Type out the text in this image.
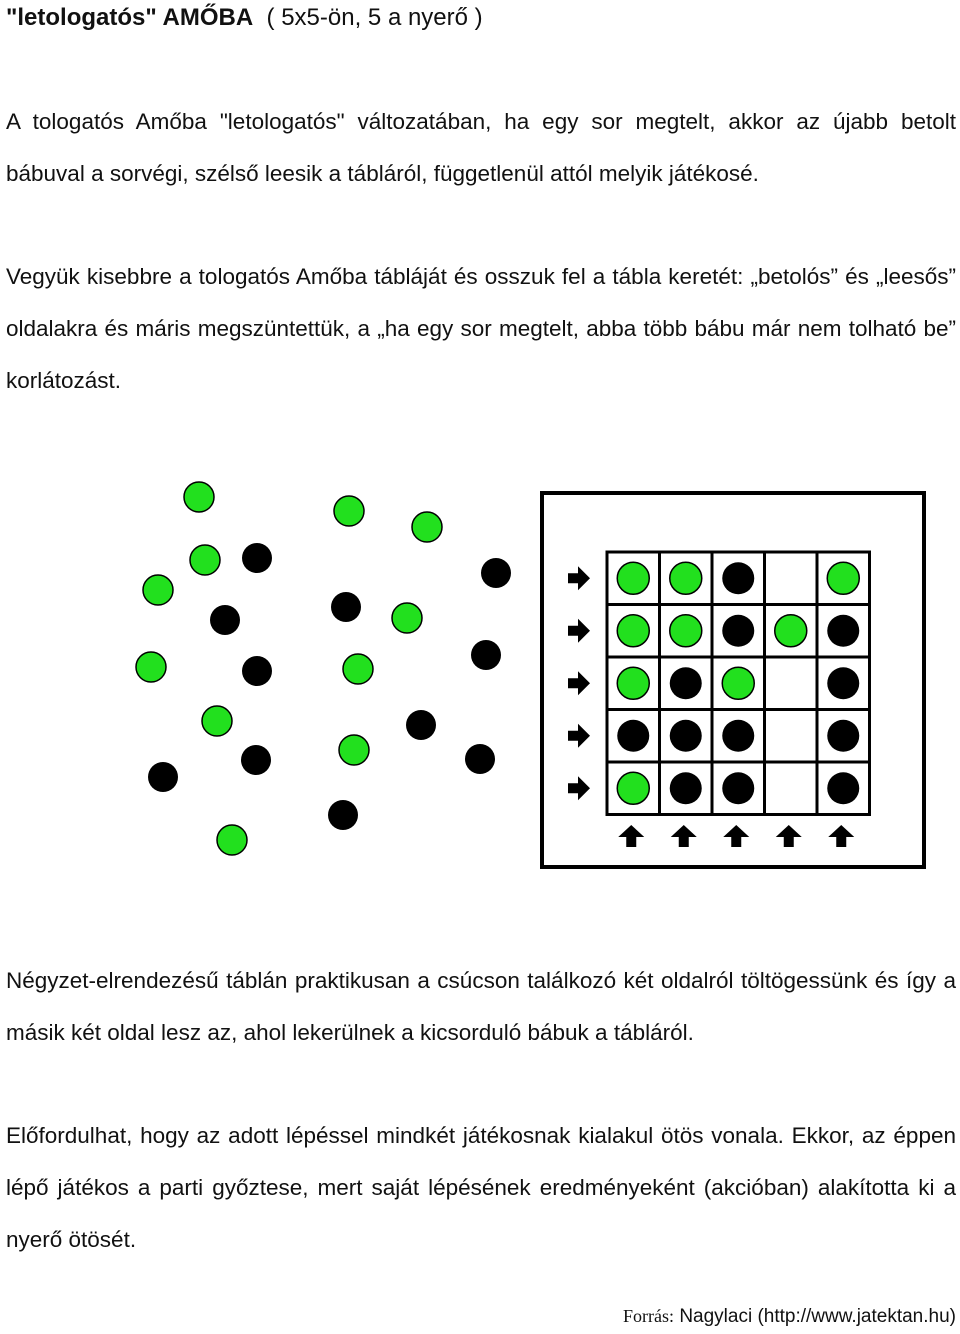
"letologatós" AMŐBA ( 5x5-ön, 5 a nyerő )
A tologatós Amőba "letologatós" változatában, ha egy sor megtelt, akkor az újabb betolt bábuval a sorvégi, szélső leesik a tábláról, függetlenül attól melyik játékosé.
Vegyük kisebbre a tologatós Amőba tábláját és osszuk fel a tábla keretét: „betolós” és „leesős” oldalakra és máris megszüntettük, a „ha egy sor megtelt, abba több bábu már nem tolható be” korlátozást.
Négyzet-elrendezésű táblán praktikusan a csúcson találkozó két oldalról töltögessünk és így a másik két oldal lesz az, ahol lekerülnek a kicsorduló bábuk a tábláról.
Előfordulhat, hogy az adott lépéssel mindkét játékosnak kialakul ötös vonala. Ekkor, az éppen lépő játékos a parti győztese, mert saját lépésének eredményeként (akcióban) alakította ki a nyerő ötösét.
Forrás: Nagylaci (http://www.jatektan.hu)
